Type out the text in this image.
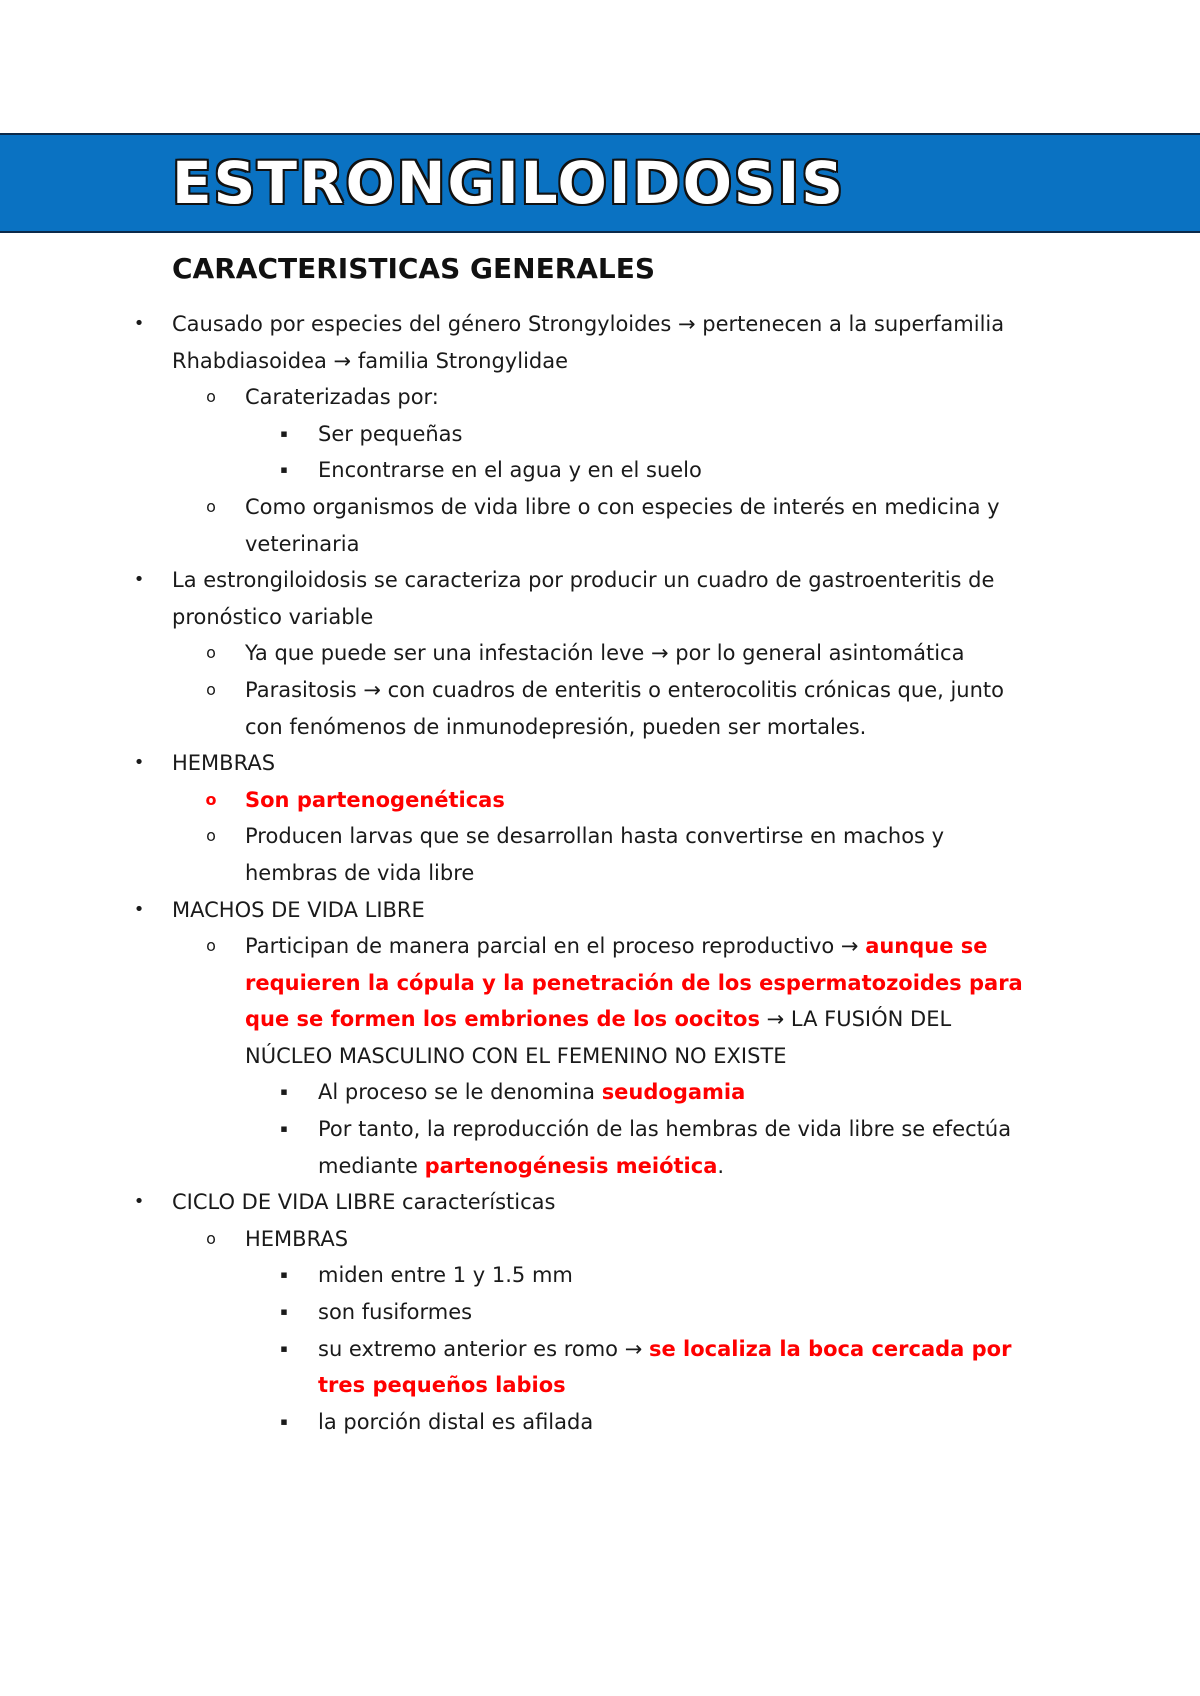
ESTRONGILOIDOSIS
CARACTERISTICAS GENERALES
•	Causado por especies del género Strongyloides → pertenecen a la superfamilia Rhabdiasoidea → familia Strongylidae
o	Caraterizadas por:
▪	Ser pequeñas
▪	Encontrarse en el agua y en el suelo
o	Como organismos de vida libre o con especies de interés en medicina y veterinaria
•	La estrongiloidosis se caracteriza por producir un cuadro de gastroenteritis de pronóstico variable
o	Ya que puede ser una infestación leve → por lo general asintomática
o	Parasitosis → con cuadros de enteritis o enterocolitis crónicas que, junto con fenómenos de inmunodepresión, pueden ser mortales.
•	HEMBRAS
o	Son partenogenéticas
o	Producen larvas que se desarrollan hasta convertirse en machos y hembras de vida libre
•	MACHOS DE VIDA LIBRE
o	Participan de manera parcial en el proceso reproductivo → aunque se requieren la cópula y la penetración de los espermatozoides para que se formen los embriones de los oocitos → LA FUSIÓN DEL NÚCLEO MASCULINO CON EL FEMENINO NO EXISTE
▪	Al proceso se le denomina seudogamia
▪	Por tanto, la reproducción de las hembras de vida libre se efectúa mediante partenogénesis meiótica.
•	CICLO DE VIDA LIBRE características
o	HEMBRAS
▪	miden entre 1 y 1.5 mm
▪	son fusiformes
▪	su extremo anterior es romo → se localiza la boca cercada por tres pequeños labios
▪	la porción distal es afilada
